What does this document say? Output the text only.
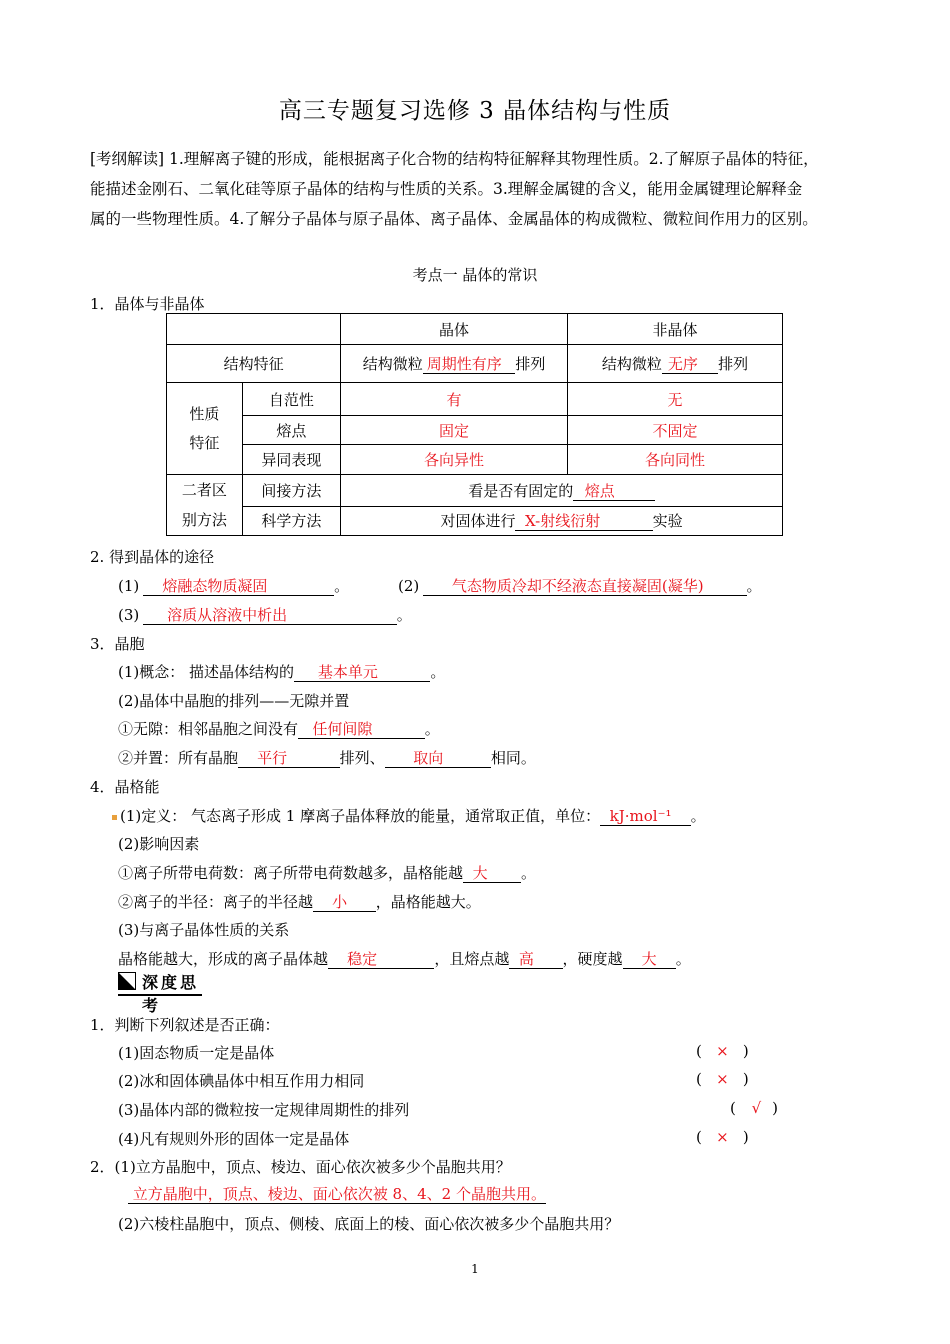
高三专题复习选修 3 晶体结构与性质
[考纲解读] 1.理解离子键的形成，能根据离子化合物的结构特征解释其物理性质。2.了解原子晶体的特征，
能描述金刚石、二氧化硅等原子晶体的结构与性质的关系。3.理解金属键的含义，能用金属键理论解释金
属的一些物理性质。4.了解分子晶体与原子晶体、离子晶体、金属晶体的构成微粒、微粒间作用力的区别。
考点一 晶体的常识
1．晶体与非晶体
		晶体	非晶体
结构特征		结构微粒 周期性有序 排列	结构微粒 无序 排列
性质
特征	自范性	有	无
	熔点	固定	不固定
	异同表现	各向异性	各向同性
二者区
别方法	间接方法	看是否有固定的 熔点	
	科学方法	对固体进行 X-射线衍射 实验	
2. 得到晶体的途径
(1) 熔融态物质凝固	。	(2) 气态物质冷却不经液态直接凝固(凝华)	。
(3) 溶质从溶液中析出	。
3．晶胞
(1)概念： 描述晶体结构的 基本单元	。
(2)晶体中晶胞的排列——无隙并置
①无隙：相邻晶胞之间没有 任何间隙	。
②并置：所有晶胞 平行	排列、 取向	相同。
4．晶格能
(1)定义： 气态离子形成 1 摩离子晶体释放的能量，通常取正值，单位： kJ·mol⁻¹ 。
(2)影响因素
①离子所带电荷数：离子所带电荷数越多，晶格能越 大 。
②离子的半径：离子的半径越 小 ，晶格能越大。
(3)与离子晶体性质的关系
晶格能越大，形成的离子晶体越 稳定	，且熔点越 高 ，硬度越 大 。
深度思考
1．判断下列叙述是否正确：
(1)固态物质一定是晶体	(  ×  )
(2)冰和固体碘晶体中相互作用力相同	(  ×  )
(3)晶体内部的微粒按一定规律周期性的排列	(  √ )
(4)凡有规则外形的固体一定是晶体	(  ×  )
2．(1)立方晶胞中，顶点、棱边、面心依次被多少个晶胞共用？
立方晶胞中，顶点、棱边、面心依次被 8、4、2 个晶胞共用。
(2)六棱柱晶胞中，顶点、侧棱、底面上的棱、面心依次被多少个晶胞共用？
1
